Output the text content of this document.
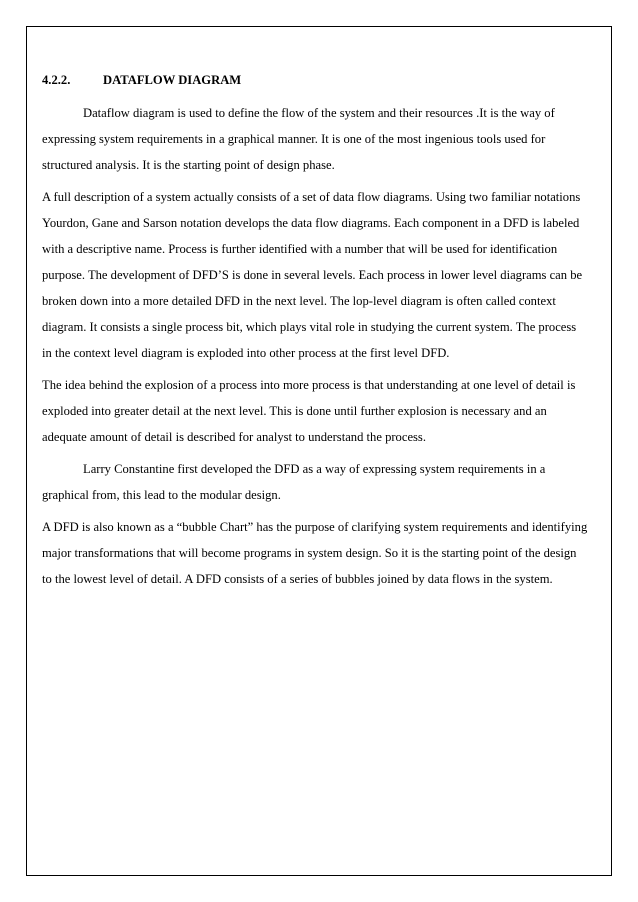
4.2.2.	DATAFLOW DIAGRAM
Dataflow diagram is used to define the flow of the system and their resources .It is the way of
expressing system requirements in a graphical manner. It is one of the most ingenious tools used for
structured analysis. It is the starting point of design phase.
A full description of a system actually consists of a set of data flow diagrams. Using two familiar notations
Yourdon, Gane and Sarson notation develops the data flow diagrams. Each component in a DFD is labeled
with a descriptive name. Process is further identified with a number that will be used for identification
purpose. The development of DFD’S is done in several levels. Each process in lower level diagrams can be
broken down into a more detailed DFD in the next level. The lop-level diagram is often called context
diagram. It consists a single process bit, which plays vital role in studying the current system. The process
in the context level diagram is exploded into other process at the first level DFD.
The idea behind the explosion of a process into more process is that understanding at one level of detail is
exploded into greater detail at the next level. This is done until further explosion is necessary and an
adequate amount of detail is described for analyst to understand the process.
Larry Constantine first developed the DFD as a way of expressing system requirements in a
graphical from, this lead to the modular design.
A DFD is also known as a “bubble Chart” has the purpose of clarifying system requirements and identifying
major transformations that will become programs in system design. So it is the starting point of the design
to the lowest level of detail. A DFD consists of a series of bubbles joined by data flows in the system.
